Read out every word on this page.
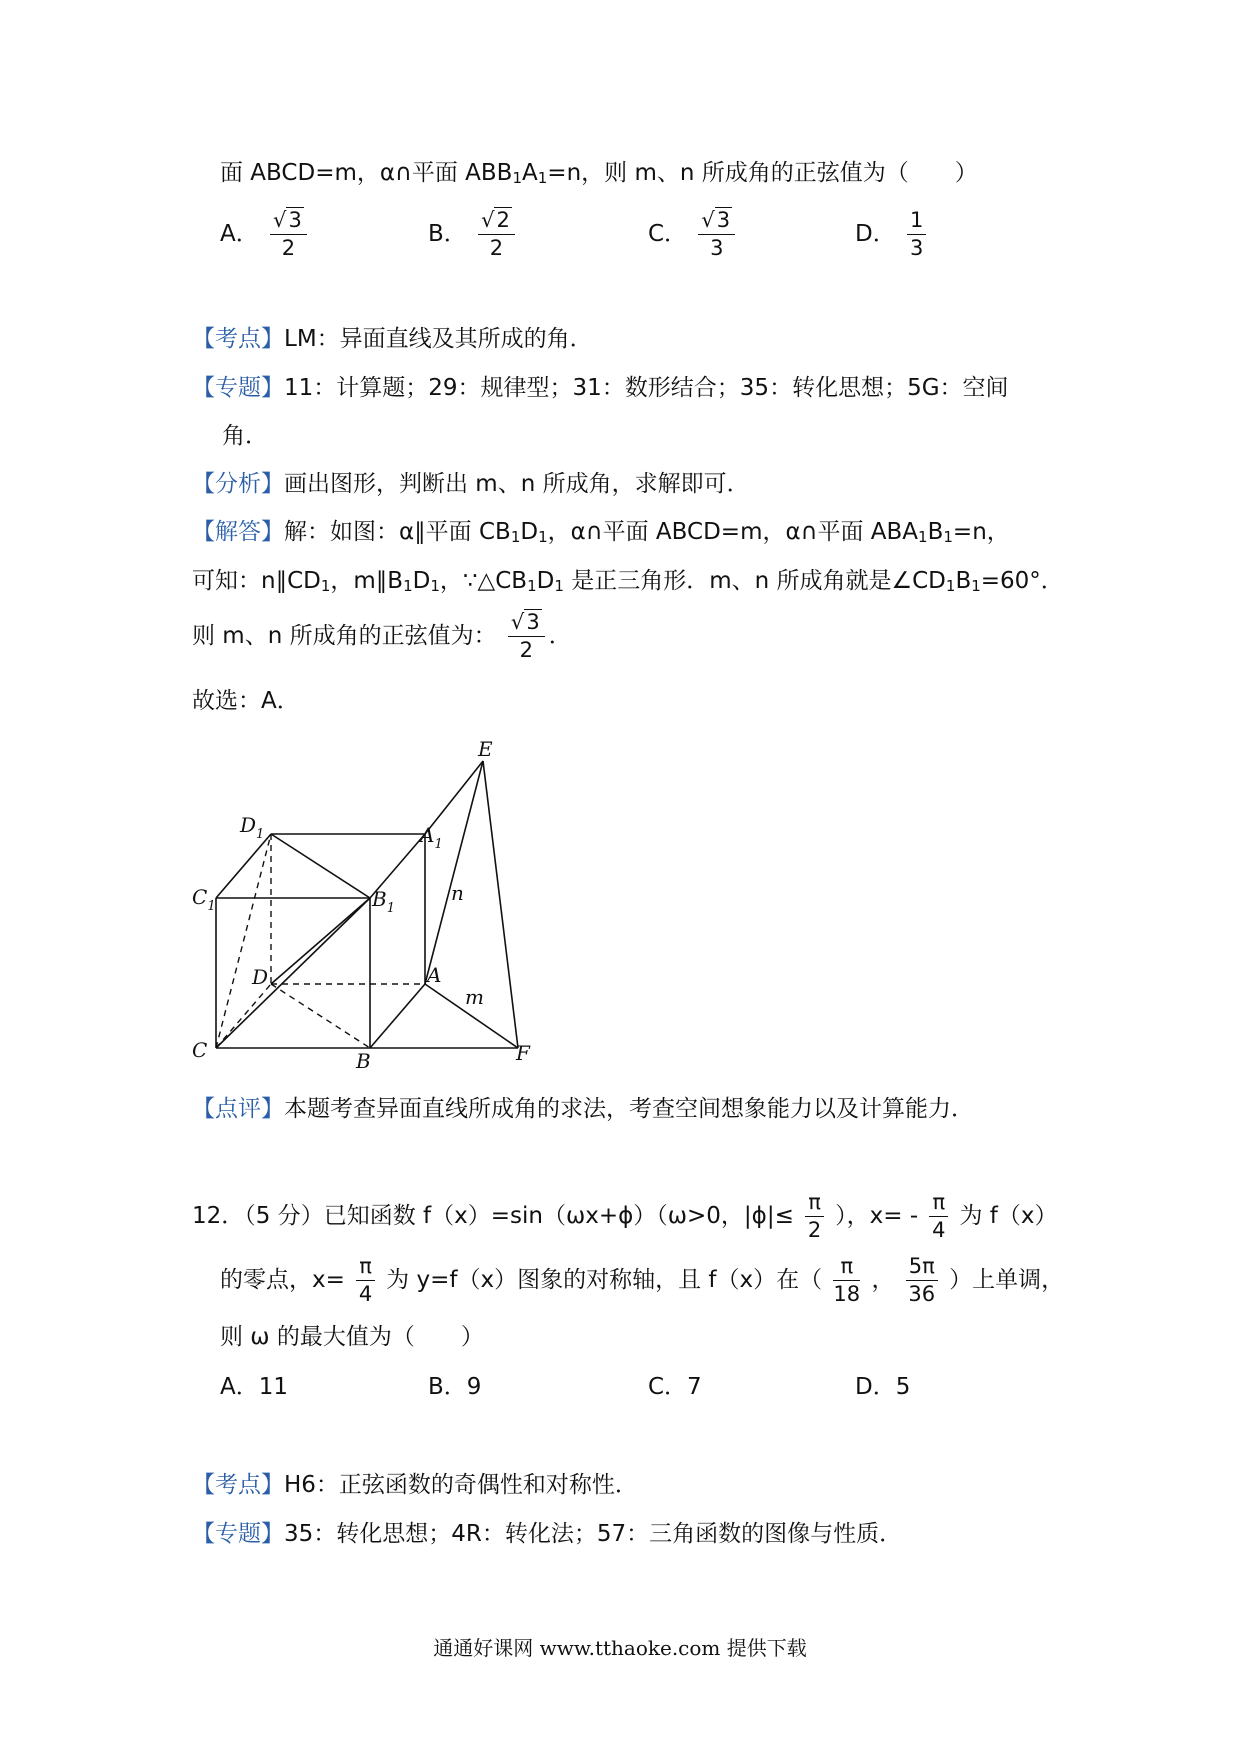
面 ABCD=m，α∩平面 $ABB_1A_1=n$，则 m、n 所成角的正弦值为（　　）
A． $\frac{√3}{2}$	B． $\frac{√2}{2}$	C． $\frac{√3}{3}$	D． $\frac{1}{3}$
【考点】LM：异面直线及其所成的角．
【专题】11：计算题；29：规律型；31：数形结合；35：转化思想；5G：空间
角．
【分析】画出图形，判断出 m、n 所成角，求解即可．
【解答】解：如图：α∥平面 $CB_1D_1$，α∩平面 ABCD=m，α∩平面 $ABA_1B_1=n$，
可知：$n\parallel CD_1$，$m\parallel B_1D_1$，$\because\triangle CB_1D_1$ 是正三角形．m、n 所成角就是$\angle CD_1B_1=60^\circ$．
则 m、n 所成角的正弦值为： $\frac{√3}{2}$ ．
故选：A．
E
$D_1$	$A_1$
$C_1$	$B_1$
n
D	A
m
C	B	F
【点评】本题考查异面直线所成角的求法，考查空间想象能力以及计算能力．
12．（5 分）已知函数 f（x）=sin（ωx+ϕ）（ω>0，$|\phi|\le \frac{\pi}{2}$ ），$x= - \frac{\pi}{4}$ 为 f（x）
的零点，$x= \frac{\pi}{4}$ 为 y=f（x）图象的对称轴，且 f（x）在（ $\frac{\pi}{18}$ ， $\frac{5\pi}{36}$ ）上单调，
则 ω 的最大值为（　　）
A．11	B．9	C．7	D．5
【考点】H6：正弦函数的奇偶性和对称性．
【专题】35：转化思想；4R：转化法；57：三角函数的图像与性质．
通通好课网 www.tthaoke.com 提供下载
